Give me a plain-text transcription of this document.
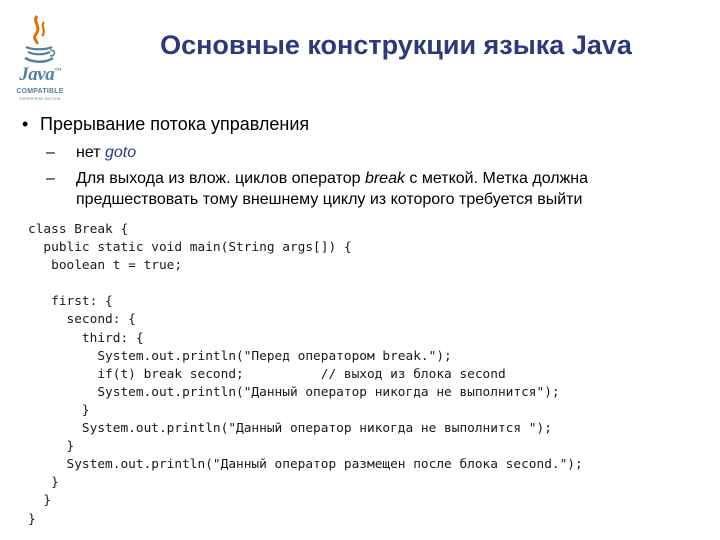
Java™
COMPATIBLE
ENTERPRISE EDITION
Основные конструкции языка Java
• Прерывание потока управления
– нет goto
– Для выхода из влож. циклов оператор break с меткой. Метка должна
предшествовать тому внешнему циклу из которого требуется выйти
class Break {
public static void main(String args[]) {
boolean t = true;
first: {
second: {
third: {
System.out.println("Перед оператором break.");
if(t) break second;          // выход из блока second
System.out.println("Данный оператор никогда не выполнится");
}
System.out.println("Данный оператор никогда не выполнится ");
}
System.out.println("Данный оператор размещен после блока second.");
}
}
}
